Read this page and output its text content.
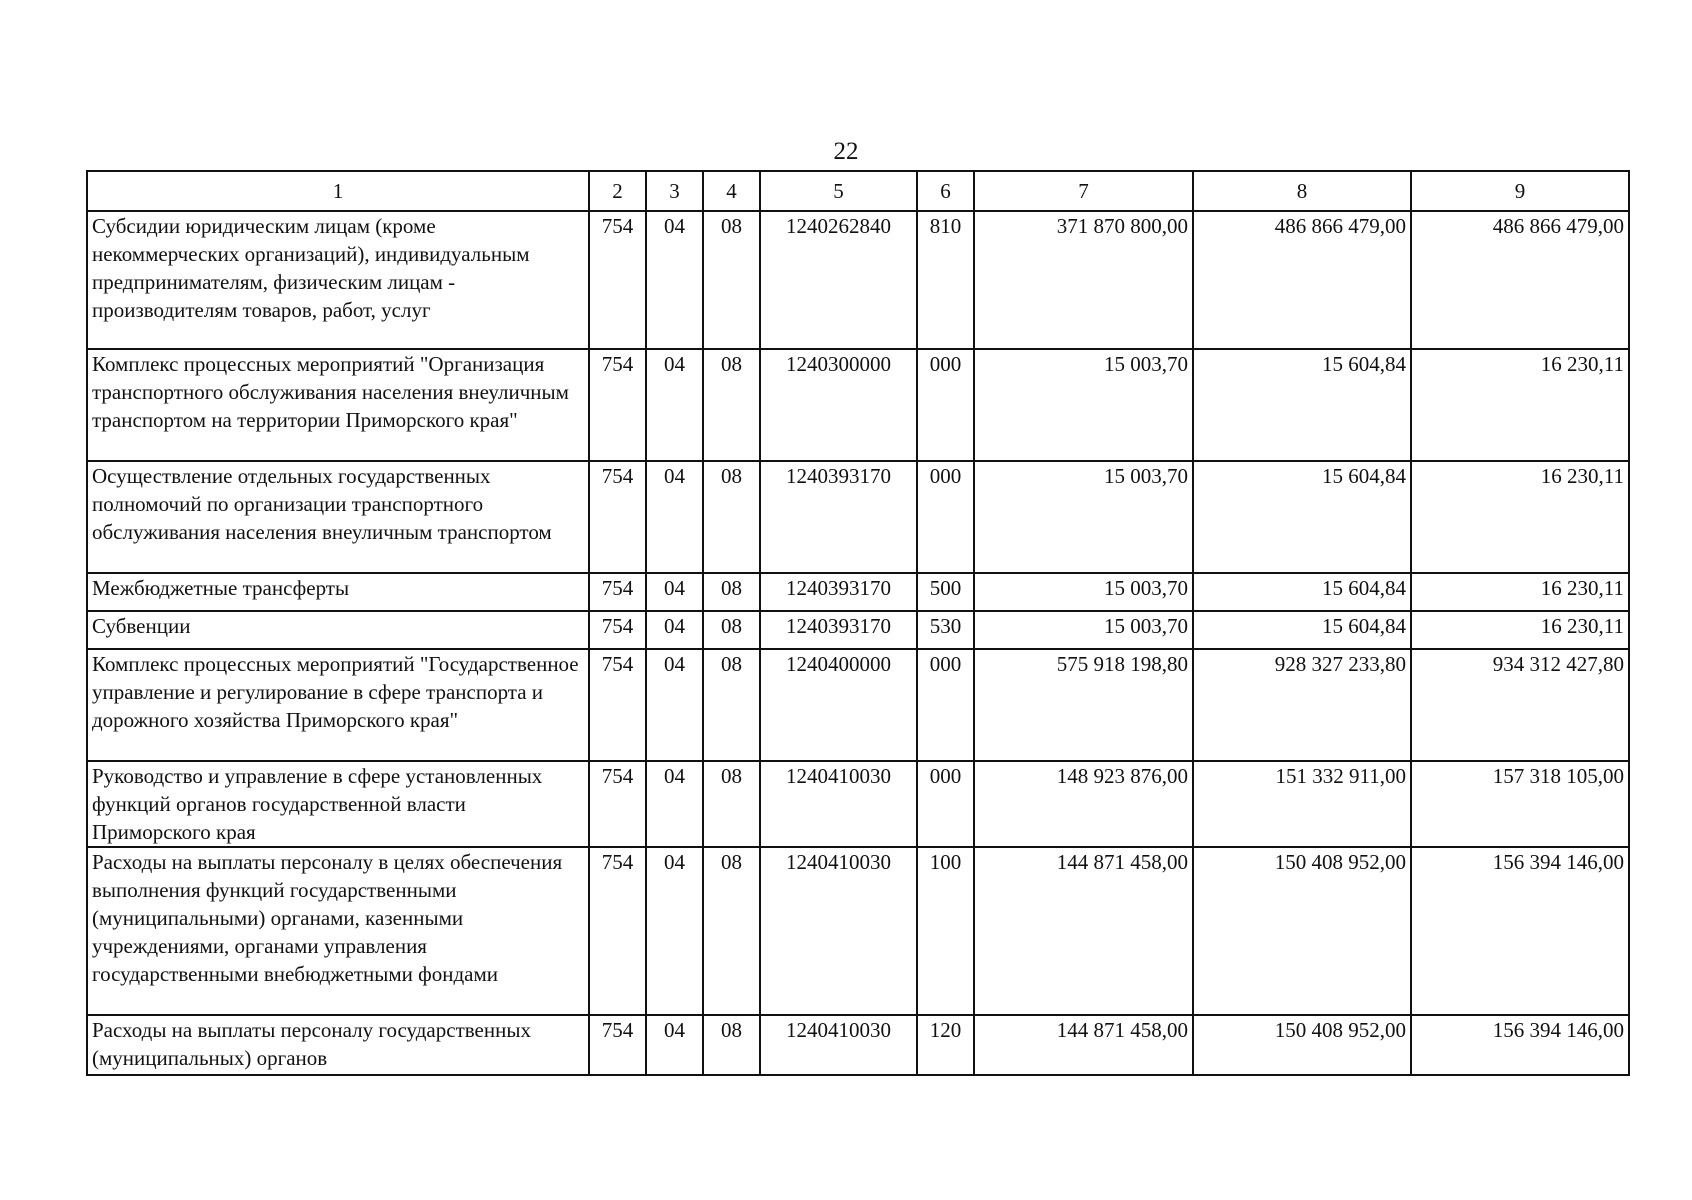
22
1	2	3	4	5	6	7	8	9
Субсидии юридическим лицам (кроме некоммерческих организаций), индивидуальным предпринимателям, физическим лицам - производителям товаров, работ, услуг	754	04	08	1240262840	810	371 870 800,00	486 866 479,00	486 866 479,00
Комплекс процессных мероприятий "Организация транспортного обслуживания населения внеуличным транспортом на территории Приморского края"	754	04	08	1240300000	000	15 003,70	15 604,84	16 230,11
Осуществление отдельных государственных полномочий по организации транспортного обслуживания населения внеуличным транспортом	754	04	08	1240393170	000	15 003,70	15 604,84	16 230,11
Межбюджетные трансферты	754	04	08	1240393170	500	15 003,70	15 604,84	16 230,11
Субвенции	754	04	08	1240393170	530	15 003,70	15 604,84	16 230,11
Комплекс процессных мероприятий "Государственное управление и регулирование в сфере транспорта и дорожного хозяйства Приморского края"	754	04	08	1240400000	000	575 918 198,80	928 327 233,80	934 312 427,80
Руководство и управление в сфере установленных функций органов государственной власти Приморского края	754	04	08	1240410030	000	148 923 876,00	151 332 911,00	157 318 105,00
Расходы на выплаты персоналу в целях обеспечения выполнения функций государственными (муниципальными) органами, казенными учреждениями, органами управления государственными внебюджетными фондами	754	04	08	1240410030	100	144 871 458,00	150 408 952,00	156 394 146,00
Расходы на выплаты персоналу государственных (муниципальных) органов	754	04	08	1240410030	120	144 871 458,00	150 408 952,00	156 394 146,00
